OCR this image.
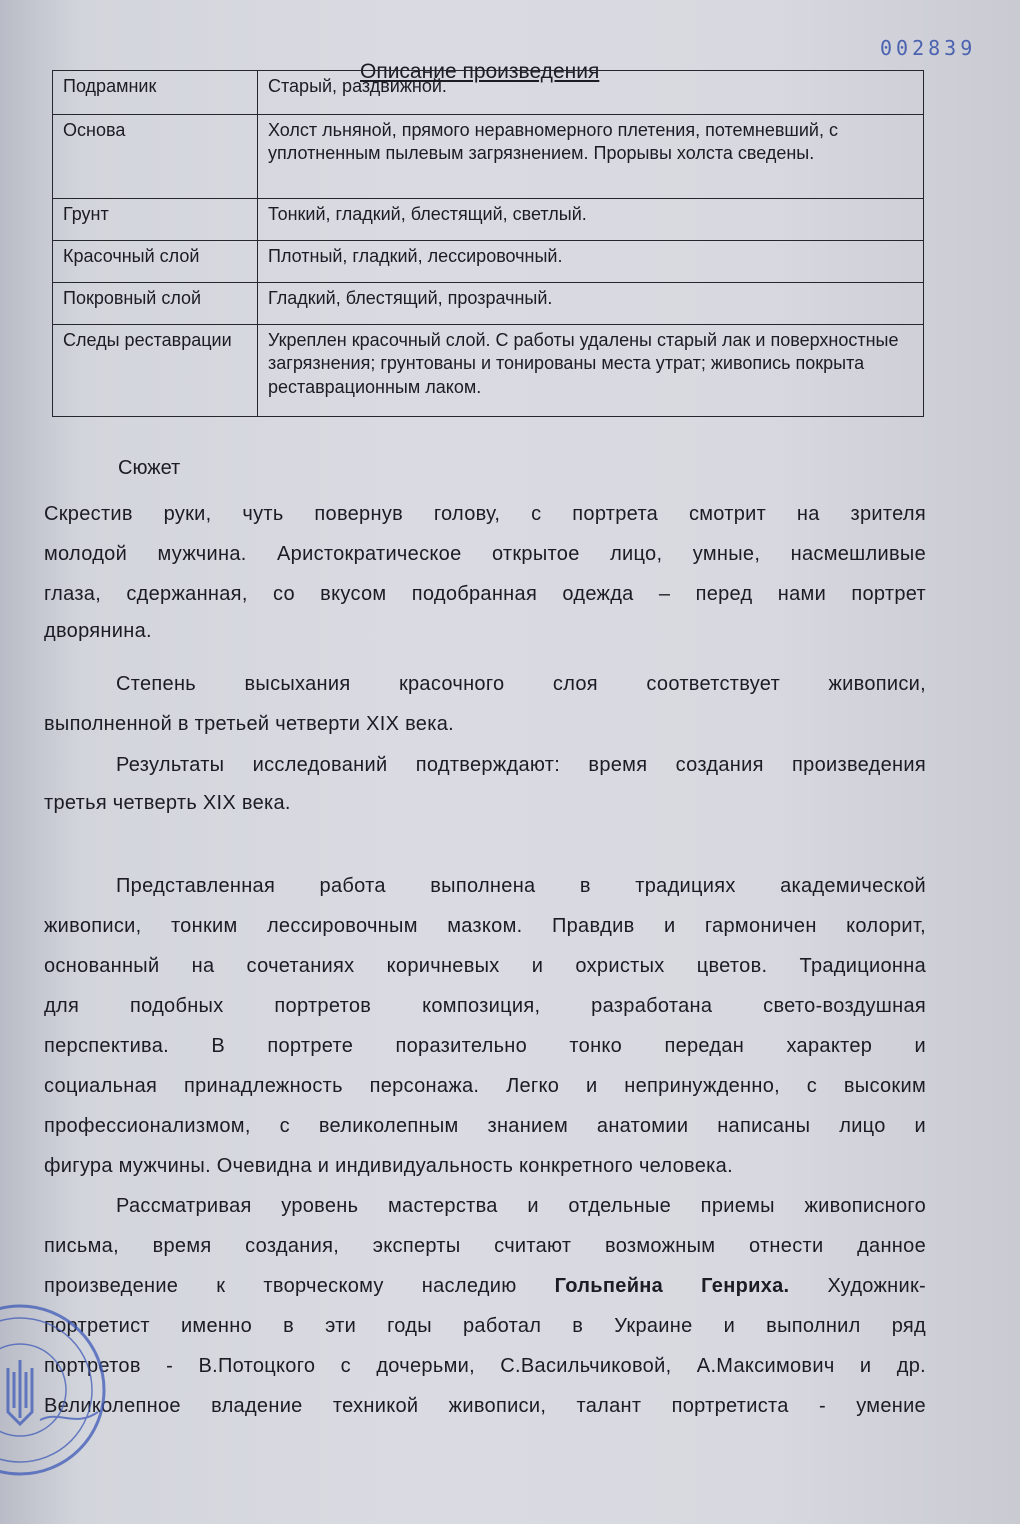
002839
Описание произведения
Подрамник	Старый, раздвижной.
Основа	Холст льняной, прямого неравномерного плетения, потемневший, с уплотненным пылевым загрязнением. Прорывы холста сведены.
Грунт	Тонкий, гладкий, блестящий, светлый.
Красочный слой	Плотный, гладкий, лессировочный.
Покровный слой	Гладкий, блестящий, прозрачный.
Следы реставрации	Укреплен красочный слой. С работы удалены старый лак и поверхностные загрязнения; грунтованы и тонированы места утрат; живопись покрыта реставрационным лаком.
Сюжет
Скрестив руки, чуть повернув голову, с портрета смотрит на зрителя
молодой мужчина. Аристократическое открытое лицо, умные, насмешливые
глаза, сдержанная, со вкусом подобранная одежда – перед нами портрет
дворянина.
Степень высыхания красочного слоя соответствует живописи,
выполненной в третьей четверти XIX века.
Результаты исследований подтверждают: время создания произведения
третья четверть XIX века.
Представленная работа выполнена в традициях академической
живописи, тонким лессировочным мазком. Правдив и гармоничен колорит,
основанный на сочетаниях коричневых и охристых цветов. Традиционна
для подобных портретов композиция, разработана свето-воздушная
перспектива. В портрете поразительно тонко передан характер и
социальная принадлежность персонажа. Легко и непринужденно, с высоким
профессионализмом, с великолепным знанием анатомии написаны лицо и
фигура мужчины. Очевидна и индивидуальность конкретного человека.
Рассматривая уровень мастерства и отдельные приемы живописного
письма, время создания, эксперты считают возможным отнести данное
произведение к творческому наследию Гольпейна Генриха. Художник-
портретист именно в эти годы работал в Украине и выполнил ряд
портретов - В.Потоцкого с дочерьми, С.Васильчиковой, А.Максимович и др.
Великолепное владение техникой живописи, талант портретиста - умение
